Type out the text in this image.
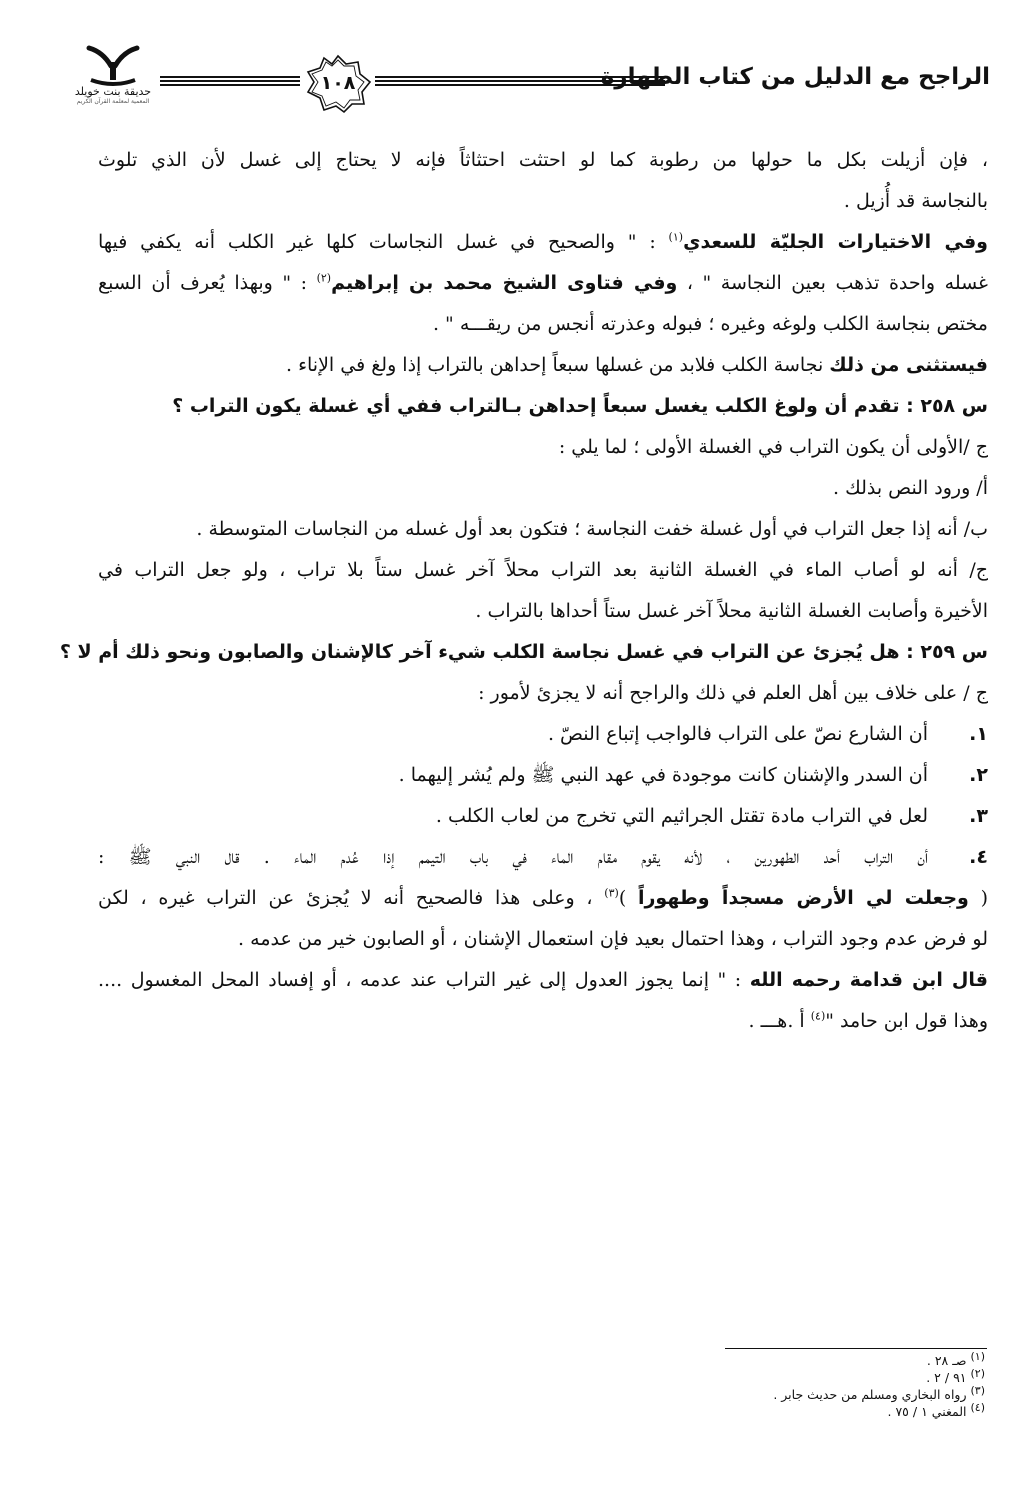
حديقة بنت خويلد
المعمية لمعلمة القرآن الكريم
١٠٨	الراجح مع الدليل من كتاب الطهارة
، فإن أزيلت بكل ما حولها من رطوبة كما لو احتثت احتثاثاً فإنه لا يحتاج إلى غسل لأن الذي تلوث
بالنجاسة قد أُزيل .
وفي الاختيارات الجليّة للسعدي$^{(١)}$ : " والصحيح في غسل النجاسات كلها غير الكلب أنه يكفي فيها
غسله واحدة تذهب بعين النجاسة " ، وفي فتاوى الشيخ محمد بن إبراهيم$^{(٢)}$ : " وبهذا يُعرف أن السبع
مختص بنجاسة الكلب ولوغه وغيره ؛ فبوله وعذرته أنجس من ريقـــه " .
فيستثنى من ذلك نجاسة الكلب فلابد من غسلها سبعاً إحداهن بالتراب إذا ولغ في الإناء .
س ٢٥٨ : تقدم أن ولوغ الكلب يغسل سبعاً إحداهن بـالتراب ففي أي غسلة يكون التراب ؟
ج /الأولى أن يكون التراب في الغسلة الأولى ؛ لما يلي :
أ/ ورود النص بذلك .
ب/ أنه إذا جعل التراب في أول غسلة خفت النجاسة ؛ فتكون بعد أول غسله من النجاسات المتوسطة .
ج/ أنه لو أصاب الماء في الغسلة الثانية بعد التراب محلاً آخر غسل ستاً بلا تراب ، ولو جعل التراب في
الأخيرة وأصابت الغسلة الثانية محلاً آخر غسل ستاً أحداها بالتراب .
س ٢٥٩ : هل يُجزئ عن التراب في غسل نجاسة الكلب شيء آخر كالإشنان والصابون ونحو ذلك أم لا ؟
ج / على خلاف بين أهل العلم في ذلك والراجح أنه لا يجزئ لأمور :
١.أن الشارع نصّ على التراب فالواجب إتباع النصّ .
٢.أن السدر والإشنان كانت موجودة في عهد النبي ﷺ ولم يُشر إليهما .
٣.لعل في التراب مادة تقتل الجراثيم التي تخرج من لعاب الكلب .
٤.أن التراب أحد الطهورين ، لأنه يقوم مقام الماء في باب التيمم إذا عُدم الماء . قال النبي ﷺ :
( وجعلت لي الأرض مسجداً وطهوراً )$^{(٣)}$ ، وعلى هذا فالصحيح أنه لا يُجزئ عن التراب غيره ، لكن
لو فرض عدم وجود التراب ، وهذا احتمال بعيد فإن استعمال الإشنان ، أو الصابون خير من عدمه .
قال ابن قدامة رحمه الله : " إنما يجوز العدول إلى غير التراب عند عدمه ، أو إفساد المحل المغسول ....
وهذا قول ابن حامد "$^{(٤)}$ أ .هـــ .
$^{(١)}$ صـ ٢٨ .
$^{(٢)}$ ٩١ / ٢ .
$^{(٣)}$ رواه البخاري ومسلم من حديث جابر .
$^{(٤)}$ المغني ١ / ٧٥ .
